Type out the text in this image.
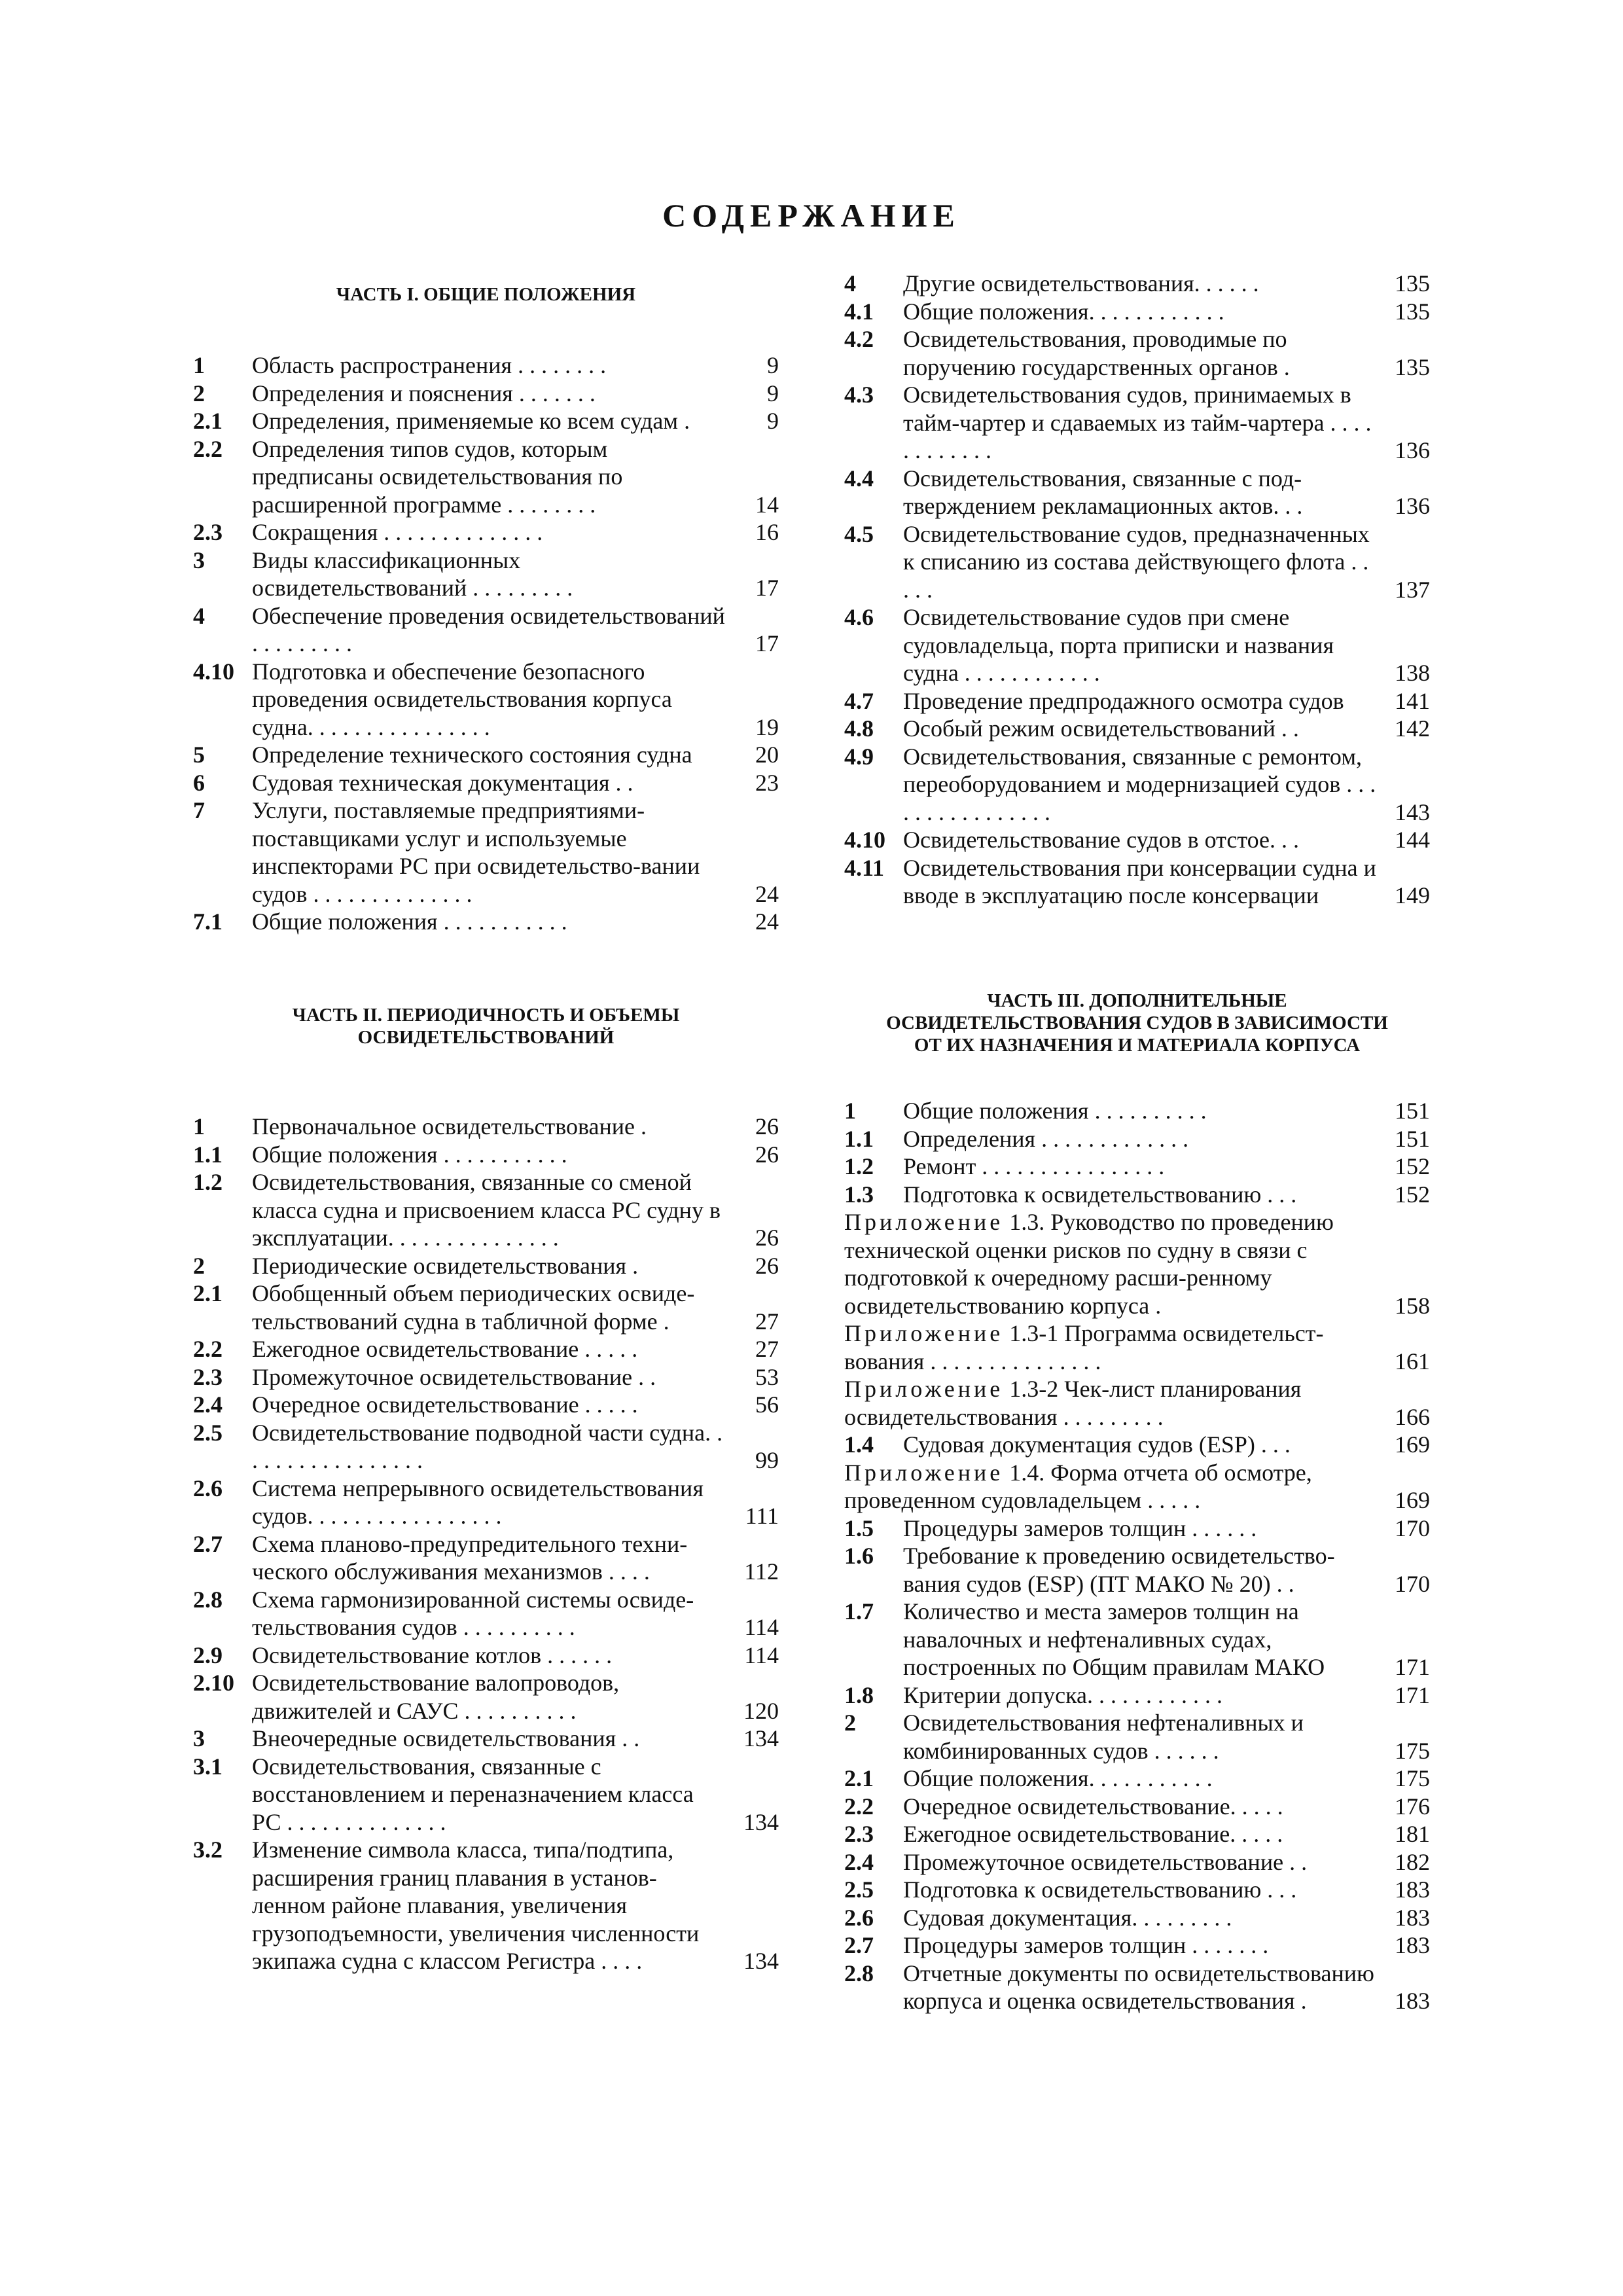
СОДЕРЖАНИЕ
ЧАСТЬ I. ОБЩИЕ ПОЛОЖЕНИЯ
1	Область распространения . . . . . . . .	9
2	Определения и пояснения . . . . . . .	9
2.1	Определения, применяемые ко всем судам .	9
2.2	Определения типов судов, которым предписаны освидетельствования по расширенной программе . . . . . . . .	14
2.3	Сокращения . . . . . . . . . . . . . .	16
3	Виды классификационных освидетельствований . . . . . . . . .	17
4	Обеспечение проведения освидетельствований . . . . . . . . .	17
4.10 Подготовка и обеспечение безопасного проведения освидетельствования корпуса судна. . . . . . . . . . . . . . . .	19
5	Определение технического состояния судна	20
6	Судовая техническая документация . .	23
7	Услуги, поставляемые предприятиями-поставщиками услуг и используемые инспекторами РС при освидетельство-вании судов . . . . . . . . . . . . . .	24
7.1	Общие положения . . . . . . . . . . .	24
4	Другие освидетельствования. . . . . .	135
4.1	Общие положения. . . . . . . . . . . .	135
4.2	Освидетельствования, проводимые по поручению государственных органов .	135
4.3	Освидетельствования судов, принимаемых в тайм-чартер и сдаваемых из тайм-чартера . . . . . . . . . . . .	136
4.4	Освидетельствования, связанные с под-тверждением рекламационных актов. . .	136
4.5	Освидетельствование судов, предназначенных к списанию из состава действующего флота . . . . .	137
4.6	Освидетельствование судов при смене судовладельца, порта приписки и названия судна . . . . . . . . . . . .	138
4.7	Проведение предпродажного осмотра судов	141
4.8	Особый режим освидетельствований . .	142
4.9	Освидетельствования, связанные с ремонтом, переоборудованием и модернизацией судов . . . . . . . . . . . . . . . .	143
4.10 Освидетельствование судов в отстое. . .	144
4.11 Освидетельствования при консервации судна и вводе в эксплуатацию после консервации	149
ЧАСТЬ II. ПЕРИОДИЧНОСТЬ И ОБЪЕМЫ
ОСВИДЕТЕЛЬСТВОВАНИЙ
1	Первоначальное освидетельствование .	26
1.1	Общие положения . . . . . . . . . . .	26
1.2	Освидетельствования, связанные со сменой класса судна и присвоением класса РС судну в эксплуатации. . . . . . . . . . . . . . .	26
2	Периодические освидетельствования .	26
2.1	Обобщенный объем периодических освиде-тельствований судна в табличной форме .	27
2.2	Ежегодное освидетельствование . . . . .	27
2.3	Промежуточное освидетельствование . .	53
2.4	Очередное освидетельствование . . . . .	56
2.5	Освидетельствование подводной части судна. . . . . . . . . . . . . . . . .	99
2.6	Система непрерывного освидетельствования судов. . . . . . . . . . . . . . . . .	111
2.7	Схема планово-предупредительного техни-ческого обслуживания механизмов . . . .	112
2.8	Схема гармонизированной системы освиде-тельствования судов . . . . . . . . . .	114
2.9	Освидетельствование котлов . . . . . .	114
2.10 Освидетельствование валопроводов, движителей и САУС . . . . . . . . . .	120
3	Внеочередные освидетельствования . .	134
3.1	Освидетельствования, связанные с восстановлением и переназначением класса РС . . . . . . . . . . . . . .	134
3.2	Изменение символа класса, типа/подтипа, расширения границ плавания в установ-ленном районе плавания, увеличения грузоподъемности, увеличения численности экипажа судна с классом Регистра . . . .	134
ЧАСТЬ III. ДОПОЛНИТЕЛЬНЫЕ
ОСВИДЕТЕЛЬСТВОВАНИЯ СУДОВ В ЗАВИСИМОСТИ
ОТ ИХ НАЗНАЧЕНИЯ И МАТЕРИАЛА КОРПУСА
1	Общие положения . . . . . . . . . .	151
1.1	Определения . . . . . . . . . . . . .	151
1.2	Ремонт . . . . . . . . . . . . . . . .	152
1.3	Подготовка к освидетельствованию . . .	152
Приложение 1.3. Руководство по проведению технической оценки рисков по судну в связи с подготовкой к очередному расши-ренному освидетельствованию корпуса .	158
Приложение 1.3-1 Программа освидетельст-вования . . . . . . . . . . . . . . .	161
Приложение 1.3-2 Чек-лист планирования освидетельствования . . . . . . . . .	166
1.4	Судовая документация судов (ESP) . . .	169
Приложение 1.4. Форма отчета об осмотре, проведенном судовладельцем . . . . .	169
1.5	Процедуры замеров толщин . . . . . .	170
1.6	Требование к проведению освидетельство-вания судов (ESP) (ПТ МАКО № 20) . .	170
1.7	Количество и места замеров толщин на навалочных и нефтеналивных судах, построенных по Общим правилам МАКО	171
1.8	Критерии допуска. . . . . . . . . . . .	171
2	Освидетельствования нефтеналивных и комбинированных судов . . . . . .	175
2.1	Общие положения. . . . . . . . . . .	175
2.2	Очередное освидетельствование. . . . .	176
2.3	Ежегодное освидетельствование. . . . .	181
2.4	Промежуточное освидетельствование . .	182
2.5	Подготовка к освидетельствованию . . .	183
2.6	Судовая документация. . . . . . . . .	183
2.7	Процедуры замеров толщин . . . . . . .	183
2.8	Отчетные документы по освидетельствованию корпуса и оценка освидетельствования .	183
